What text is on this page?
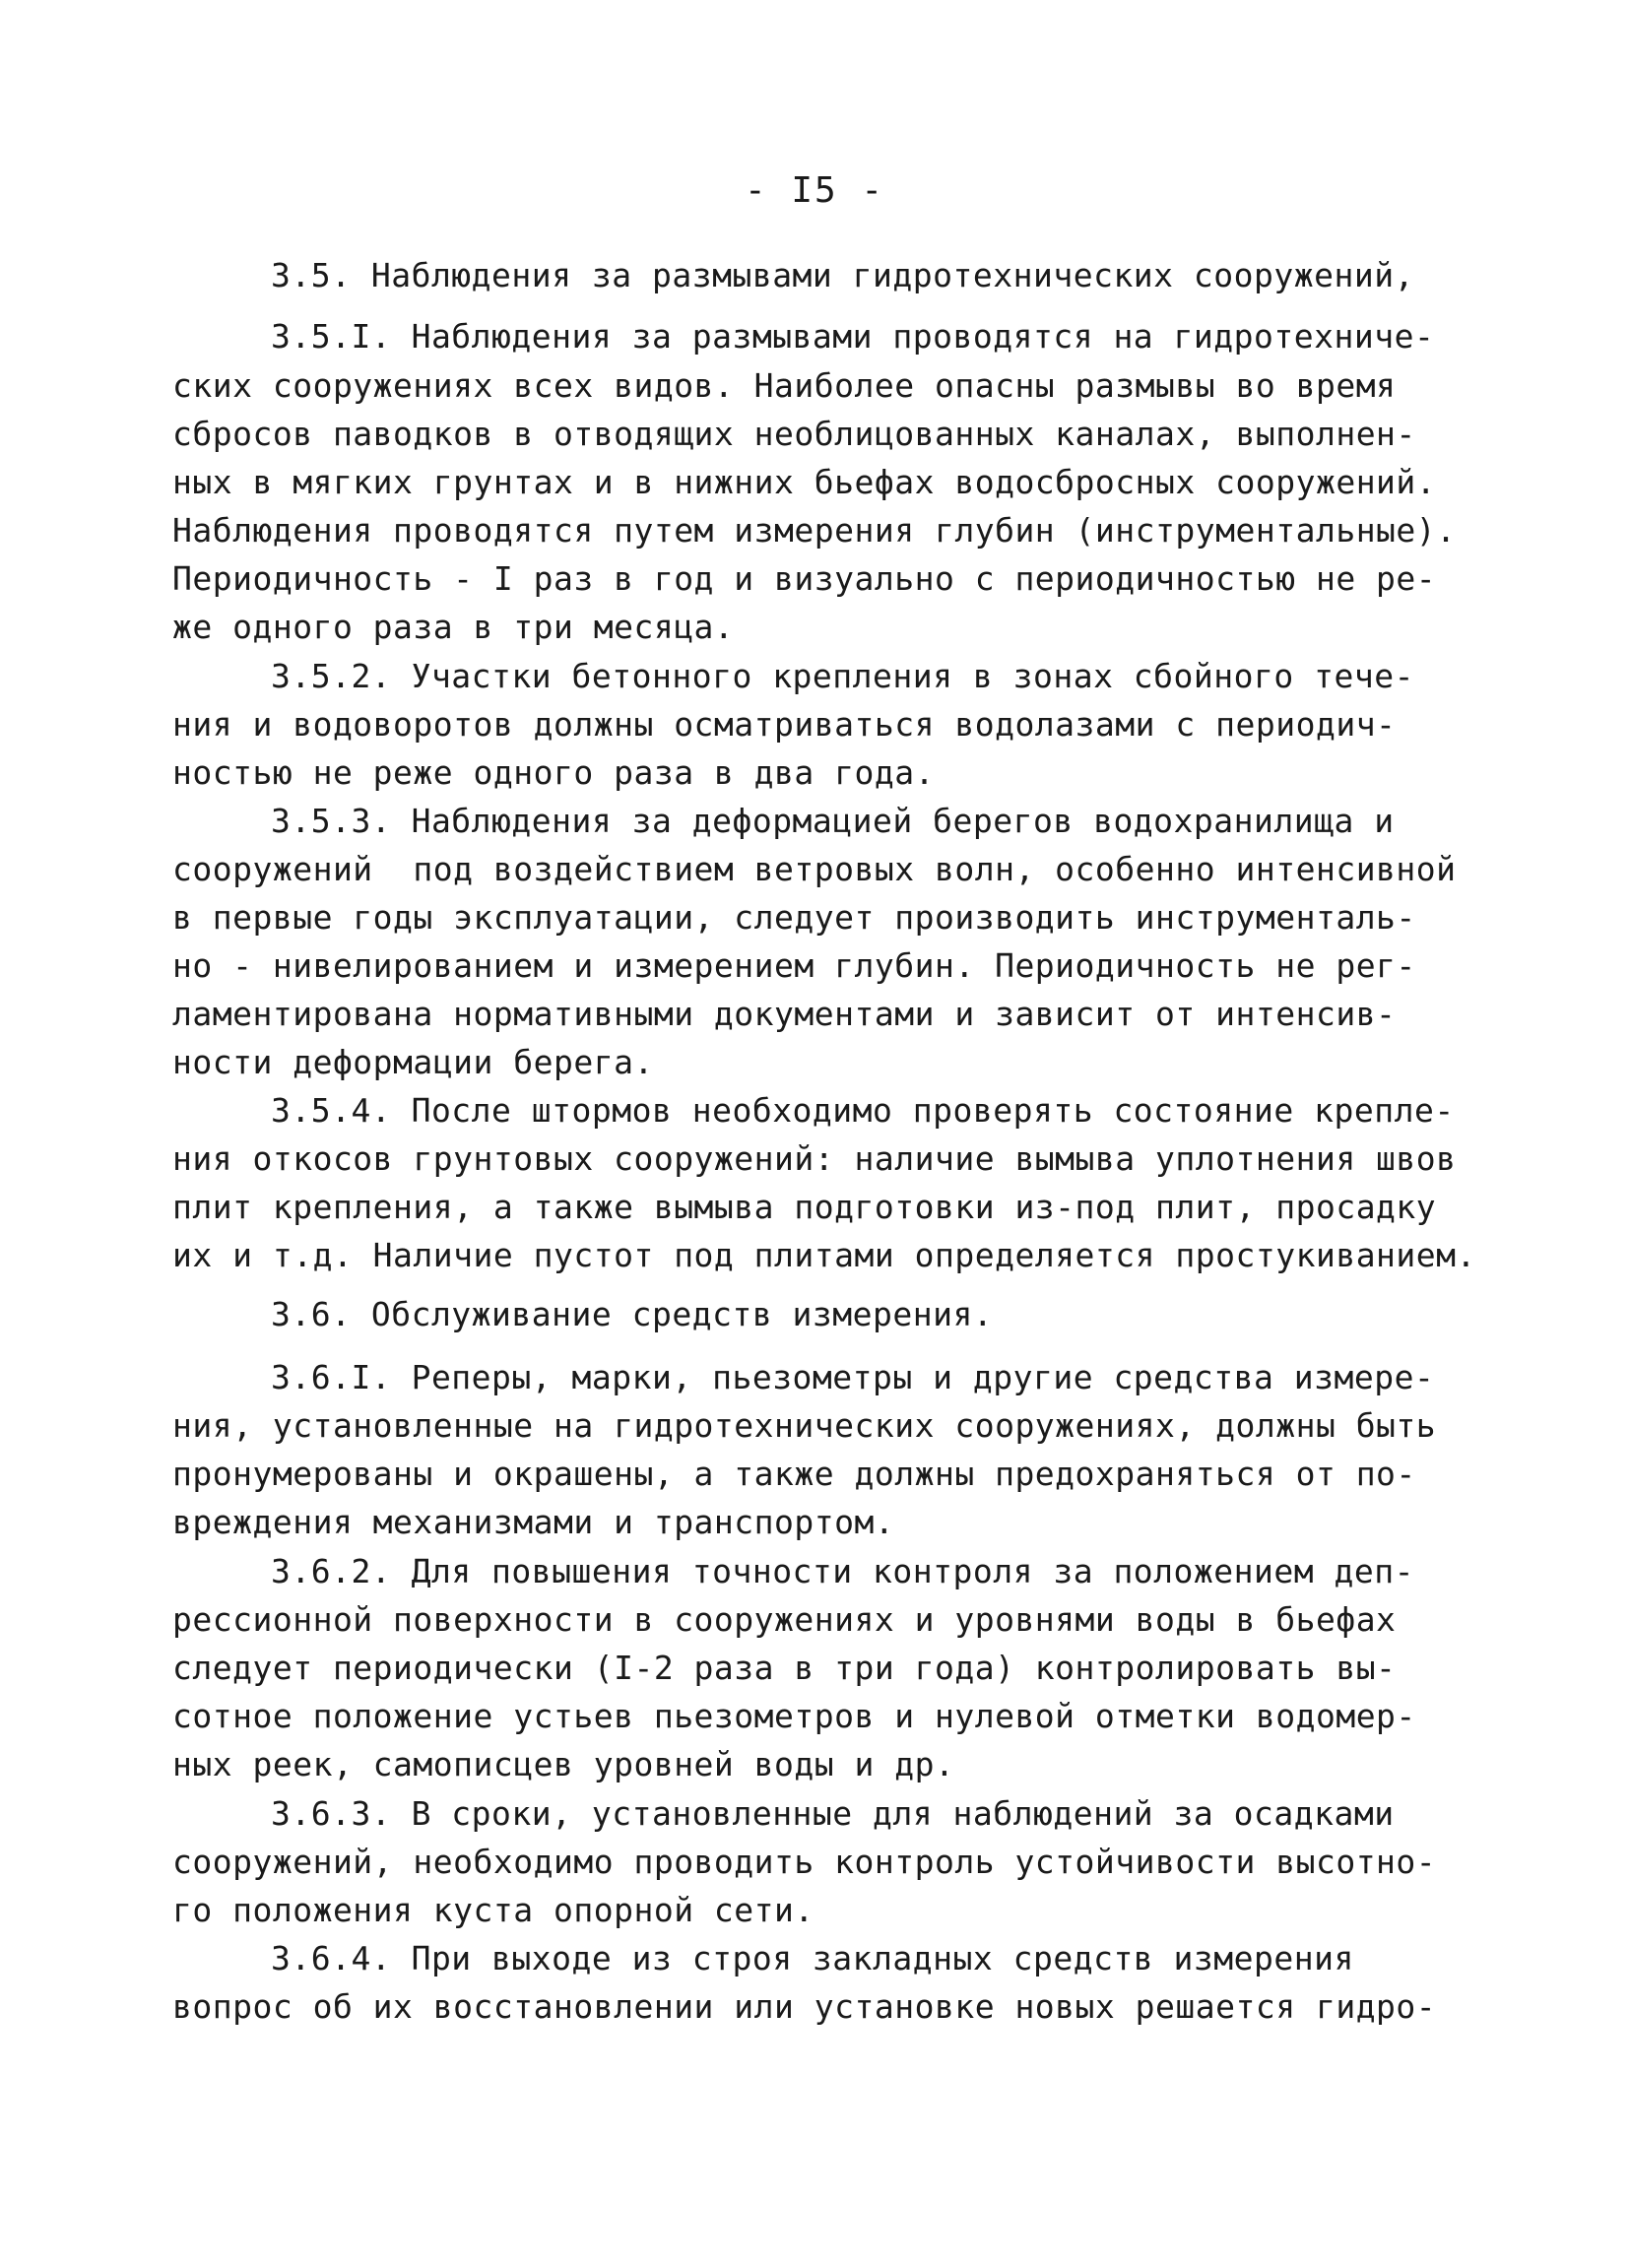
- I5 -
3.5. Наблюдения за размывами гидротехнических сооружений,
3.5.I. Наблюдения за размывами проводятся на гидротехниче-
ских сооружениях всех видов. Наиболее опасны размывы во время
сбросов паводков в отводящих необлицованных каналах, выполнен-
ных в мягких грунтах и в нижних бьефах водосбросных сооружений.
Наблюдения проводятся путем измерения глубин (инструментальные).
Периодичность - I раз в год и визуально с периодичностью не ре-
же одного раза в три месяца.
3.5.2. Участки бетонного крепления в зонах сбойного тече-
ния и водоворотов должны осматриваться водолазами с периодич-
ностью не реже одного раза в два года.
3.5.3. Наблюдения за деформацией берегов водохранилища и
сооружений  под воздействием ветровых волн, особенно интенсивной
в первые годы эксплуатации, следует производить инструменталь-
но - нивелированием и измерением глубин. Периодичность не рег-
ламентирована нормативными документами и зависит от интенсив-
ности деформации берега.
3.5.4. После штормов необходимо проверять состояние крепле-
ния откосов грунтовых сооружений: наличие вымыва уплотнения швов
плит крепления, а также вымыва подготовки из-под плит, просадку
их и т.д. Наличие пустот под плитами определяется простукиванием.
3.6. Обслуживание средств измерения.
3.6.I. Реперы, марки, пьезометры и другие средства измере-
ния, установленные на гидротехнических сооружениях, должны быть
пронумерованы и окрашены, а также должны предохраняться от по-
вреждения механизмами и транспортом.
3.6.2. Для повышения точности контроля за положением деп-
рессионной поверхности в сооружениях и уровнями воды в бьефах
следует периодически (I-2 раза в три года) контролировать вы-
сотное положение устьев пьезометров и нулевой отметки водомер-
ных реек, самописцев уровней воды и др.
3.6.3. В сроки, установленные для наблюдений за осадками
сооружений, необходимо проводить контроль устойчивости высотно-
го положения куста опорной сети.
3.6.4. При выходе из строя закладных средств измерения
вопрос об их восстановлении или установке новых решается гидро-
